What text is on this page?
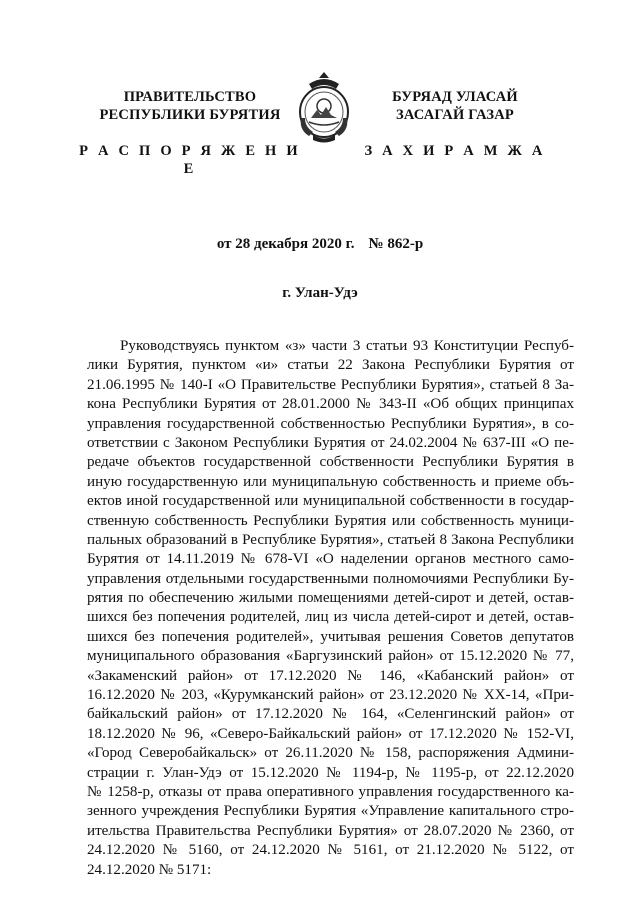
ПРАВИТЕЛЬСТВО
РЕСПУБЛИКИ БУРЯТИЯ
Р А С П О Р Я Ж Е Н И Е
БУРЯАД УЛАСАЙ
ЗАСАГАЙ ГАЗАР
З А Х И Р А М Ж А
от 28 декабря 2020 г. № 862-р
г. Улан-Удэ
Руководствуясь пунктом «з» части 3 статьи 93 Конституции Респуб-
лики Бурятия, пунктом «и» статьи 22 Закона Республики Бурятия от
21.06.1995 № 140-I «О Правительстве Республики Бурятия», статьей 8 За-
кона Республики Бурятия от 28.01.2000 № 343-II «Об общих принципах
управления государственной собственностью Республики Бурятия», в со-
ответствии с Законом Республики Бурятия от 24.02.2004 № 637-III «О пе-
редаче объектов государственной собственности Республики Бурятия в
иную государственную или муниципальную собственность и приеме объ-
ектов иной государственной или муниципальной собственности в государ-
ственную собственность Республики Бурятия или собственность муници-
пальных образований в Республике Бурятия», статьей 8 Закона Республики
Бурятия от 14.11.2019 № 678-VI «О наделении органов местного само-
управления отдельными государственными полномочиями Республики Бу-
рятия по обеспечению жилыми помещениями детей-сирот и детей, остав-
шихся без попечения родителей, лиц из числа детей-сирот и детей, остав-
шихся без попечения родителей», учитывая решения Советов депутатов
муниципального образования «Баргузинский район» от 15.12.2020 № 77,
«Закаменский район» от 17.12.2020 № 146, «Кабанский район» от
16.12.2020 № 203, «Курумканский район» от 23.12.2020 № XX-14, «При-
байкальский район» от 17.12.2020 № 164, «Селенгинский район» от
18.12.2020 № 96, «Северо-Байкальский район» от 17.12.2020 № 152-VI,
«Город Северобайкальск» от 26.11.2020 № 158, распоряжения Админи-
страции г. Улан-Удэ от 15.12.2020 № 1194-р, № 1195-р, от 22.12.2020
№ 1258-р, отказы от права оперативного управления государственного ка-
зенного учреждения Республики Бурятия «Управление капитального стро-
ительства Правительства Республики Бурятия» от 28.07.2020 № 2360, от
24.12.2020 № 5160, от 24.12.2020 № 5161, от 21.12.2020 № 5122, от
24.12.2020 № 5171:
